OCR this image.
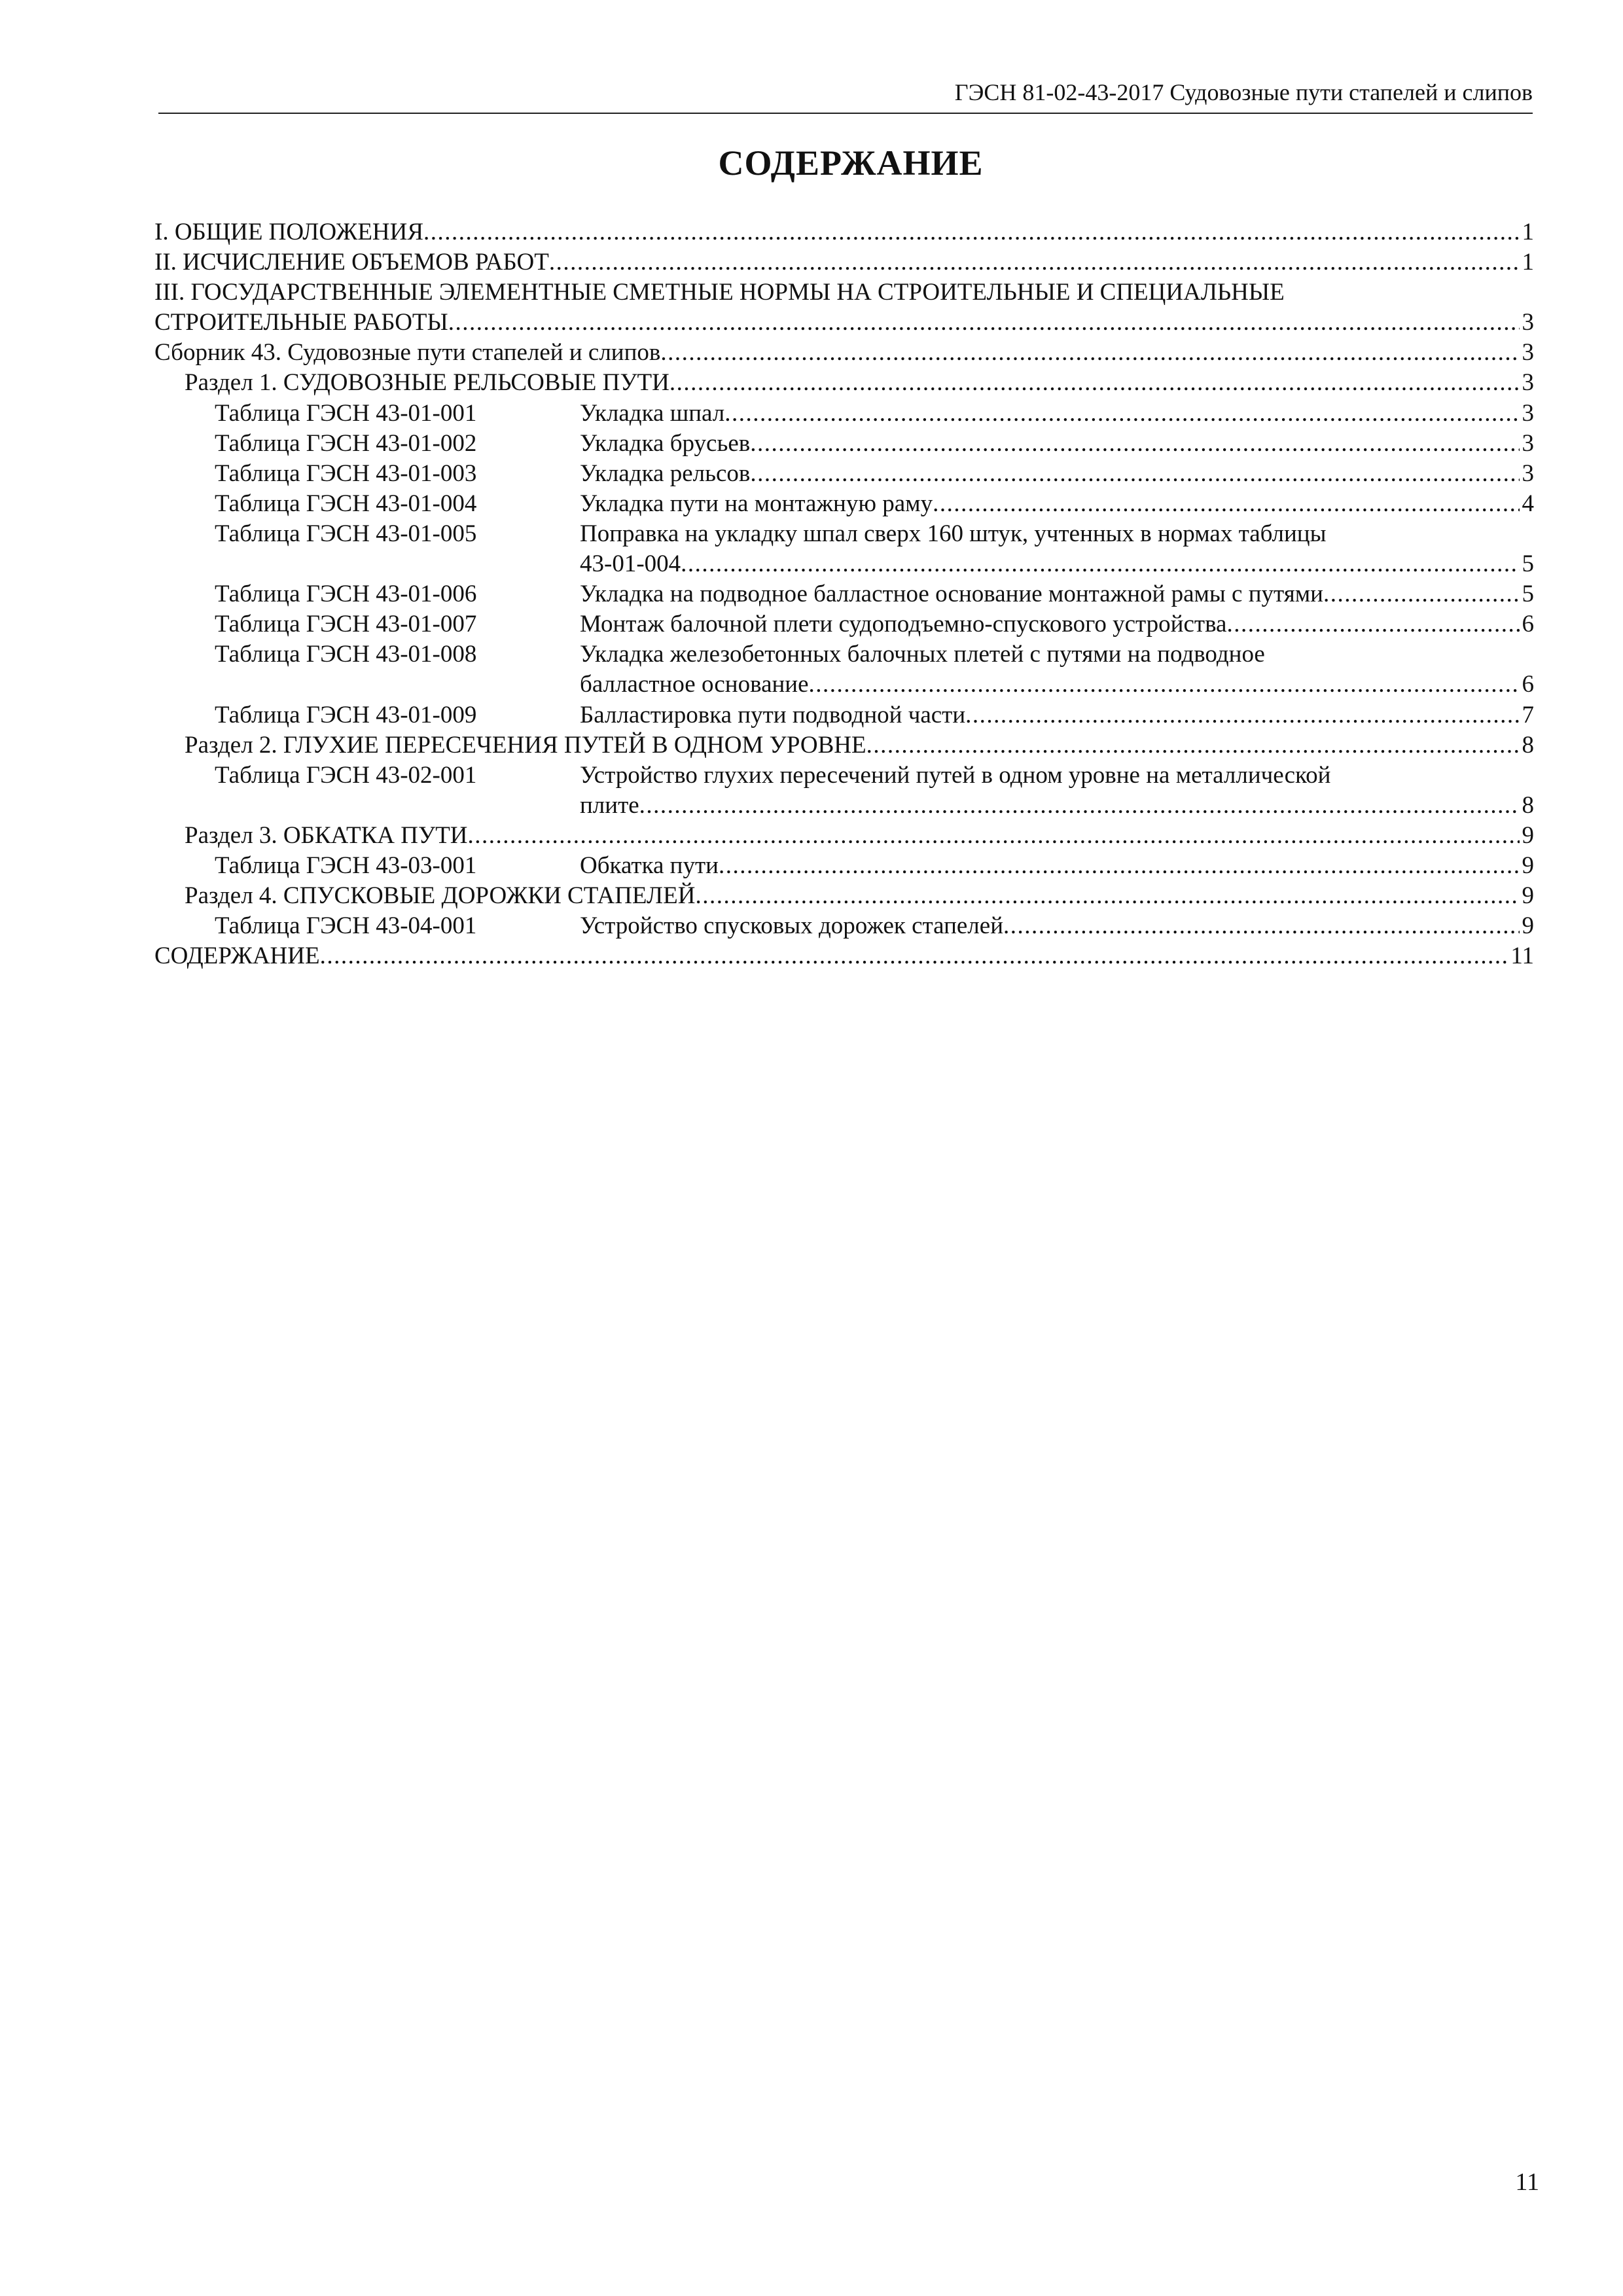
ГЭСН 81-02-43-2017 Судовозные пути стапелей и слипов
СОДЕРЖАНИЕ
I. ОБЩИЕ ПОЛОЖЕНИЯ .....	1
II. ИСЧИСЛЕНИЕ ОБЪЕМОВ РАБОТ .....	1
III. ГОСУДАРСТВЕННЫЕ ЭЛЕМЕНТНЫЕ СМЕТНЫЕ НОРМЫ НА СТРОИТЕЛЬНЫЕ И СПЕЦИАЛЬНЫЕ
СТРОИТЕЛЬНЫЕ РАБОТЫ .....	3
Сборник 43. Судовозные пути стапелей и слипов .....	3
Раздел 1. СУДОВОЗНЫЕ РЕЛЬСОВЫЕ ПУТИ .....	3
Таблица ГЭСН 43-01-001	Укладка шпал .....	3
Таблица ГЭСН 43-01-002	Укладка брусьев .....	3
Таблица ГЭСН 43-01-003	Укладка рельсов .....	3
Таблица ГЭСН 43-01-004	Укладка пути на монтажную раму .....	4
Таблица ГЭСН 43-01-005	Поправка на укладку шпал сверх 160 штук, учтенных в нормах таблицы
43-01-004 .....	5
Таблица ГЭСН 43-01-006	Укладка на подводное балластное основание монтажной рамы с путями .....	5
Таблица ГЭСН 43-01-007	Монтаж балочной плети судоподъемно-спускового устройства .....	6
Таблица ГЭСН 43-01-008	Укладка железобетонных балочных плетей с путями на подводное
балластное основание .....	6
Таблица ГЭСН 43-01-009	Балластировка пути подводной части .....	7
Раздел 2. ГЛУХИЕ ПЕРЕСЕЧЕНИЯ ПУТЕЙ В ОДНОМ УРОВНЕ .....	8
Таблица ГЭСН 43-02-001	Устройство глухих пересечений путей в одном уровне на металлической
плите .....	8
Раздел 3. ОБКАТКА ПУТИ .....	9
Таблица ГЭСН 43-03-001	Обкатка пути .....	9
Раздел 4. СПУСКОВЫЕ ДОРОЖКИ СТАПЕЛЕЙ .....	9
Таблица ГЭСН 43-04-001	Устройство спусковых дорожек стапелей .....	9
СОДЕРЖАНИЕ .....	11
11
